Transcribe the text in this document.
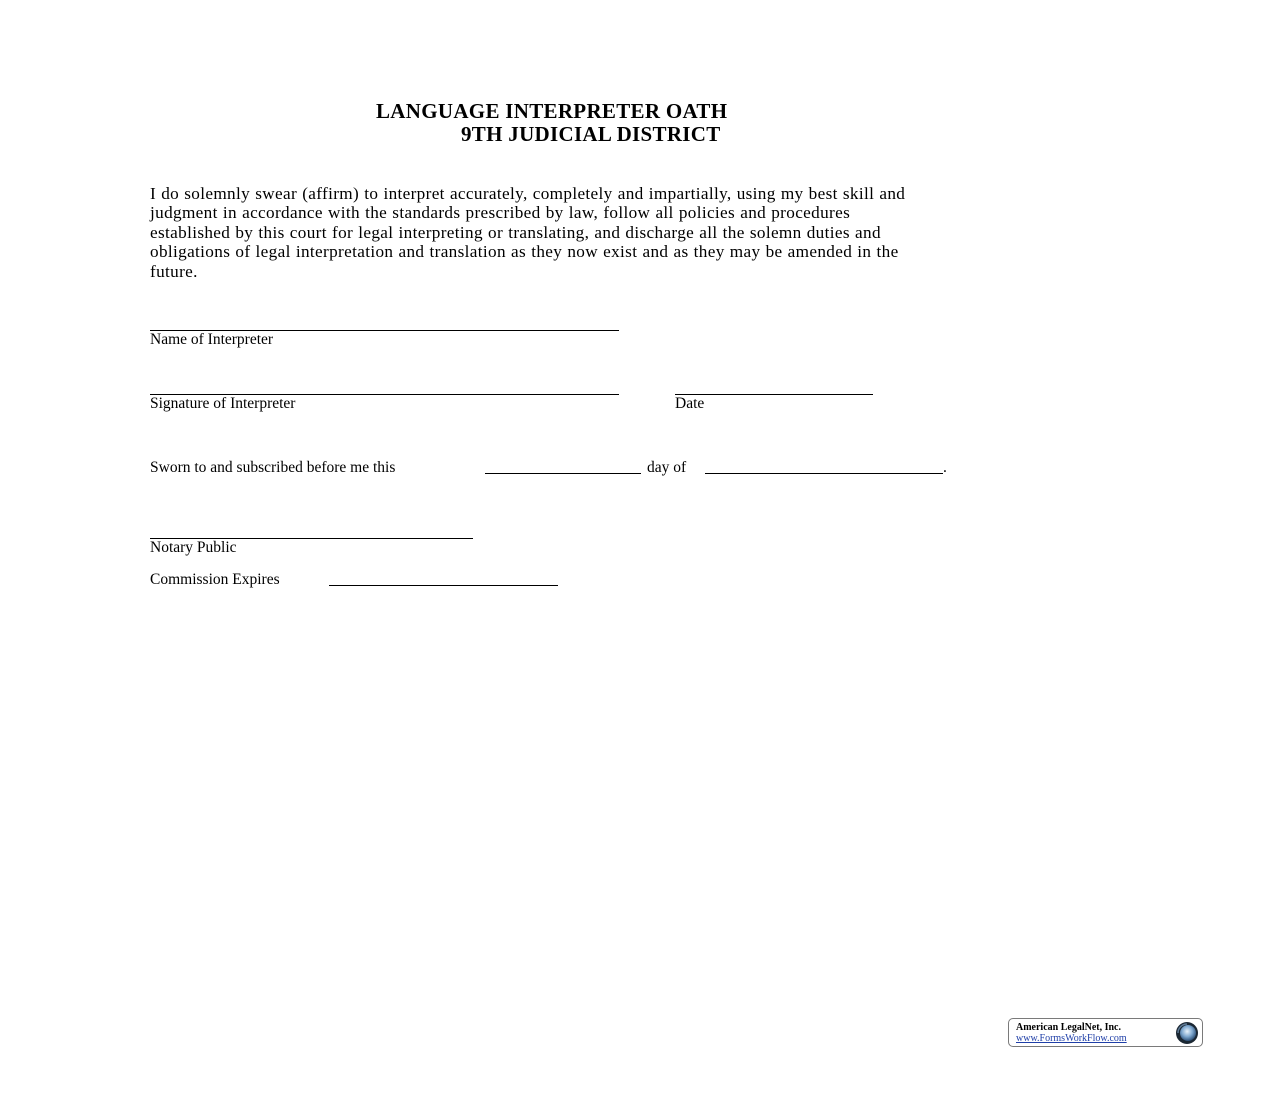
LANGUAGE INTERPRETER OATH
9TH JUDICIAL DISTRICT
I do solemnly swear (affirm) to interpret accurately, completely and impartially, using my best skill and
judgment in accordance with the standards prescribed by law, follow all policies and procedures
established by this court for legal interpreting or translating, and discharge all the solemn duties and
obligations of legal interpretation and translation as they now exist and as they may be amended in the
future.
Name of Interpreter
Signature of Interpreter	Date
Sworn to and subscribed before me this	day of	.
Notary Public
Commission Expires
American LegalNet, Inc.
www.FormsWorkFlow.com
